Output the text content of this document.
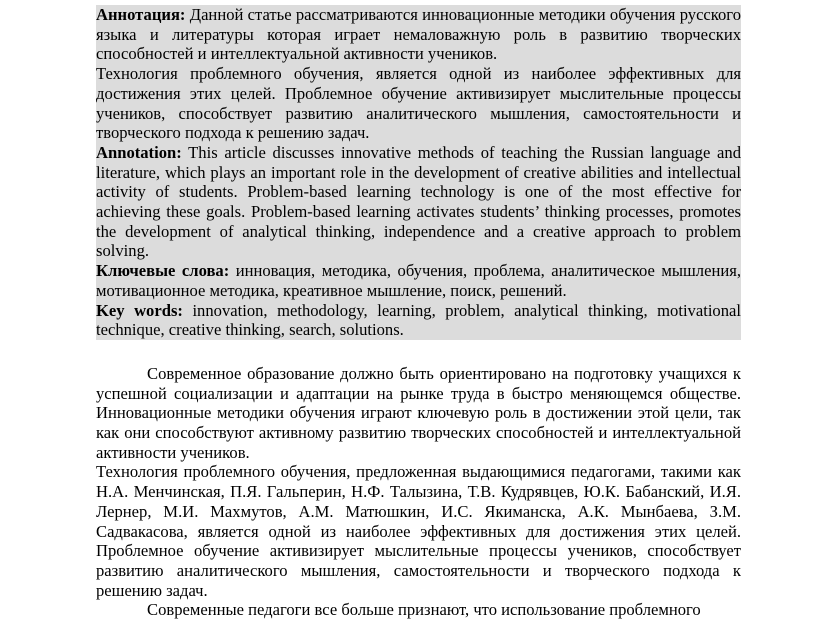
Аннотация: Данной статье рассматриваются инновационные методики обучения русского языка и литературы которая играет немаловажную роль в развитию творческих способностей и интеллектуальной активности учеников.

Технология проблемного обучения, является одной из наиболее эффективных для достижения этих целей. Проблемное обучение активизирует мыслительные процессы учеников, способствует развитию аналитического мышления, самостоятельности и творческого подхода к решению задач.

Annotation: This article discusses innovative methods of teaching the Russian language and literature, which plays an important role in the development of creative abilities and intellectual activity of students. Problem-based learning technology is one of the most effective for achieving these goals. Problem-based learning activates students’ thinking processes, promotes the development of analytical thinking, independence and a creative approach to problem solving.

Ключевые слова: инновация, методика, обучения, проблема, аналитическое мышления, мотивационное методика, креативное мышление, поиск, решений.

Key words: innovation, methodology, learning, problem, analytical thinking, motivational technique, creative thinking, search, solutions.

Современное образование должно быть ориентировано на подготовку учащихся к успешной социализации и адаптации на рынке труда в быстро меняющемся обществе. Инновационные методики обучения играют ключевую роль в достижении этой цели, так как они способствуют активному развитию творческих способностей и интеллектуальной активности учеников.

Технология проблемного обучения, предложенная выдающимися педагогами, такими как Н.А. Менчинская, П.Я. Гальперин, Н.Ф. Талызина, Т.В. Кудрявцев, Ю.К. Бабанский, И.Я. Лернер, М.И. Махмутов, А.М. Матюшкин, И.С. Якиманска, А.К. Мынбаева, З.М. Садвакасова, является одной из наиболее эффективных для достижения этих целей. Проблемное обучение активизирует мыслительные процессы учеников, способствует развитию аналитического мышления, самостоятельности и творческого подхода к решению задач.

Современные педагоги все больше признают, что использование проблемного
